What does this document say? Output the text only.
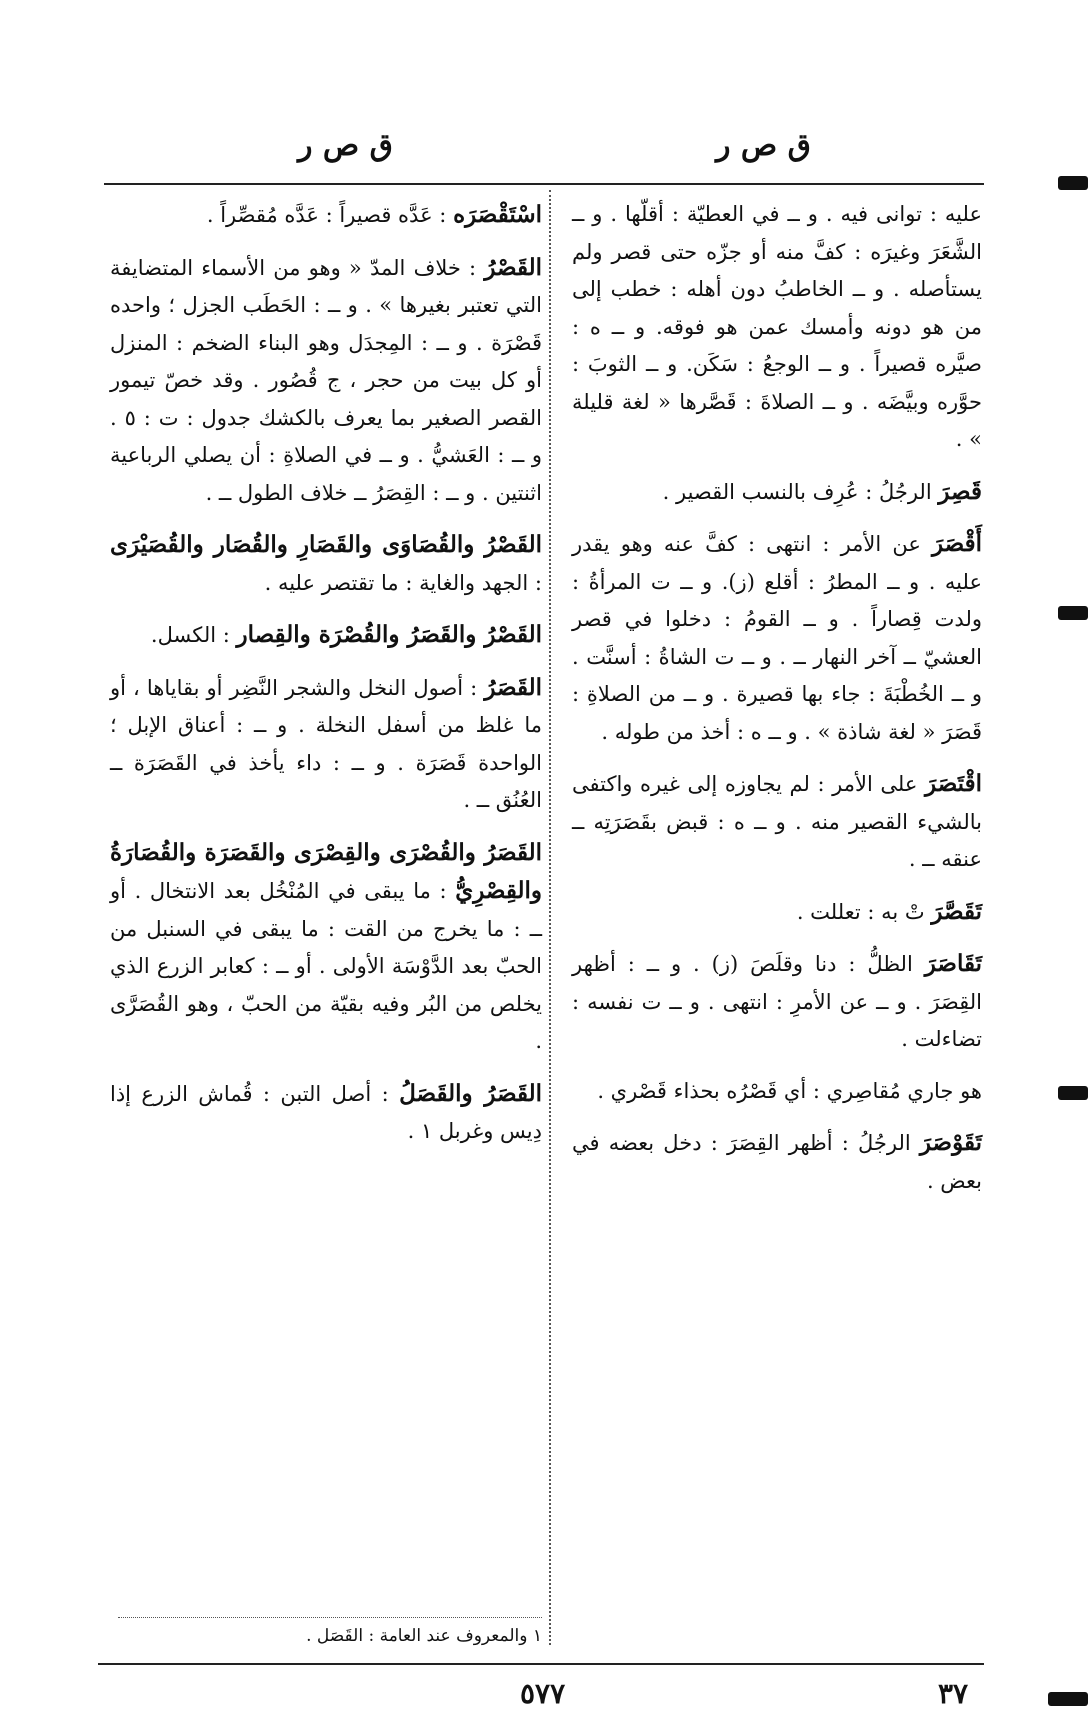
ق ص ر
ق ص ر

عليه : توانى فيه . و ــ في العطيّة : أقلّها . و ــ الشَّعَرَ وغيرَه : كفَّ منه أو جزّه حتى قصر ولم يستأصله . و ــ الخاطبُ دون أهله : خطب إلى من هو دونه وأمسك عمن هو فوقه. و ــ ه : صيَّره قصيراً . و ــ الوجعُ : سَكَن. و ــ الثوبَ : حوَّره وبيَّضَه . و ــ الصلاةَ : قَصَّرها « لغة قليلة » .

قَصِرَ الرجُلُ : عُرِف بالنسب القصير .

أَقْصَرَ عن الأمر : انتهى : كفَّ عنه وهو يقدر عليه . و ــ المطرُ : أقلع (ز). و ــ ت المرأةُ : ولدت قِصاراً . و ــ القومُ : دخلوا في قصر العشيّ ــ آخر النهار ــ . و ــ ت الشاةُ : أسنَّت . و ــ الخُطْبَةَ : جاء بها قصيرة . و ــ من الصلاةِ : قَصَرَ « لغة شاذة » . و ــ ه : أخذ من طوله .

اقْتَصَرَ على الأمر : لم يجاوزه إلى غيره واكتفى بالشيء القصير منه . و ــ ه : قبض بقَصَرَتِه ــ عنقه ــ .

تَقَصَّرَ تْ به : تعللت .

تَقَاصَرَ الظلُّ : دنا وقلَصَ (ز) . و ــ : أظهر القِصَرَ . و ــ عن الأمرِ : انتهى . و ــ ت نفسه : تضاءلت .

هو جاري مُقاصِري : أي قَصْرُه بحذاء قَصْري .

تَقَوْصَرَ الرجُلُ : أظهر القِصَرَ : دخل بعضه في بعض .

اسْتَقْصَرَه : عَدَّه قصيراً : عَدَّه مُقصِّراً .

القَصْرُ : خلاف المدّ « وهو من الأسماء المتضايفة التي تعتبر بغيرها » . و ــ : الحَطَب الجزل ؛ واحده قَصْرَة . و ــ : المِجدَل وهو البناء الضخم : المنزل أو كل بيت من حجر ، ج قُصُور . وقد خصّ تيمور القصر الصغير بما يعرف بالكشك جدول : ت : ٥ . و ــ : العَشيُّ . و ــ في الصلاةِ : أن يصلي الرباعية اثنتين . و ــ : القِصَرُ ــ خلاف الطول ــ .

القَصْرُ والقُصَاوَى والقَصَارِ والقُصَار والقُصَيْرَى : الجهد والغاية : ما تقتصر عليه .

القَصْرُ والقَصَرُ والقُصْرَة والقِصار : الكسل.

القَصَرُ : أصول النخل والشجر النَّضِر أو بقاياها ، أو ما غلظ من أسفل النخلة . و ــ : أعناق الإبل ؛ الواحدة قَصَرَة . و ــ : داء يأخذ في القَصَرَة ــ العُنُق ــ .

القَصَرُ والقُصْرَى والقِصْرَى والقَصَرَة والقُصَارَةُ والقِصْرِيُّ : ما يبقى في المُنْخُل بعد الانتخال . أو ــ : ما يخرج من القت : ما يبقى في السنبل من الحبّ بعد الدَّوْسَة الأولى . أو ــ : كعابر الزرع الذي يخلص من البُر وفيه بقيّة من الحبّ ، وهو القُصَرَّى .

القَصَرُ والقَصَلُ : أصل التبن : قُماش الزرع إذا دِيس وغربل ١ .

١ والمعروف عند العامة : القَصَل .
٣٧
٥٧٧
